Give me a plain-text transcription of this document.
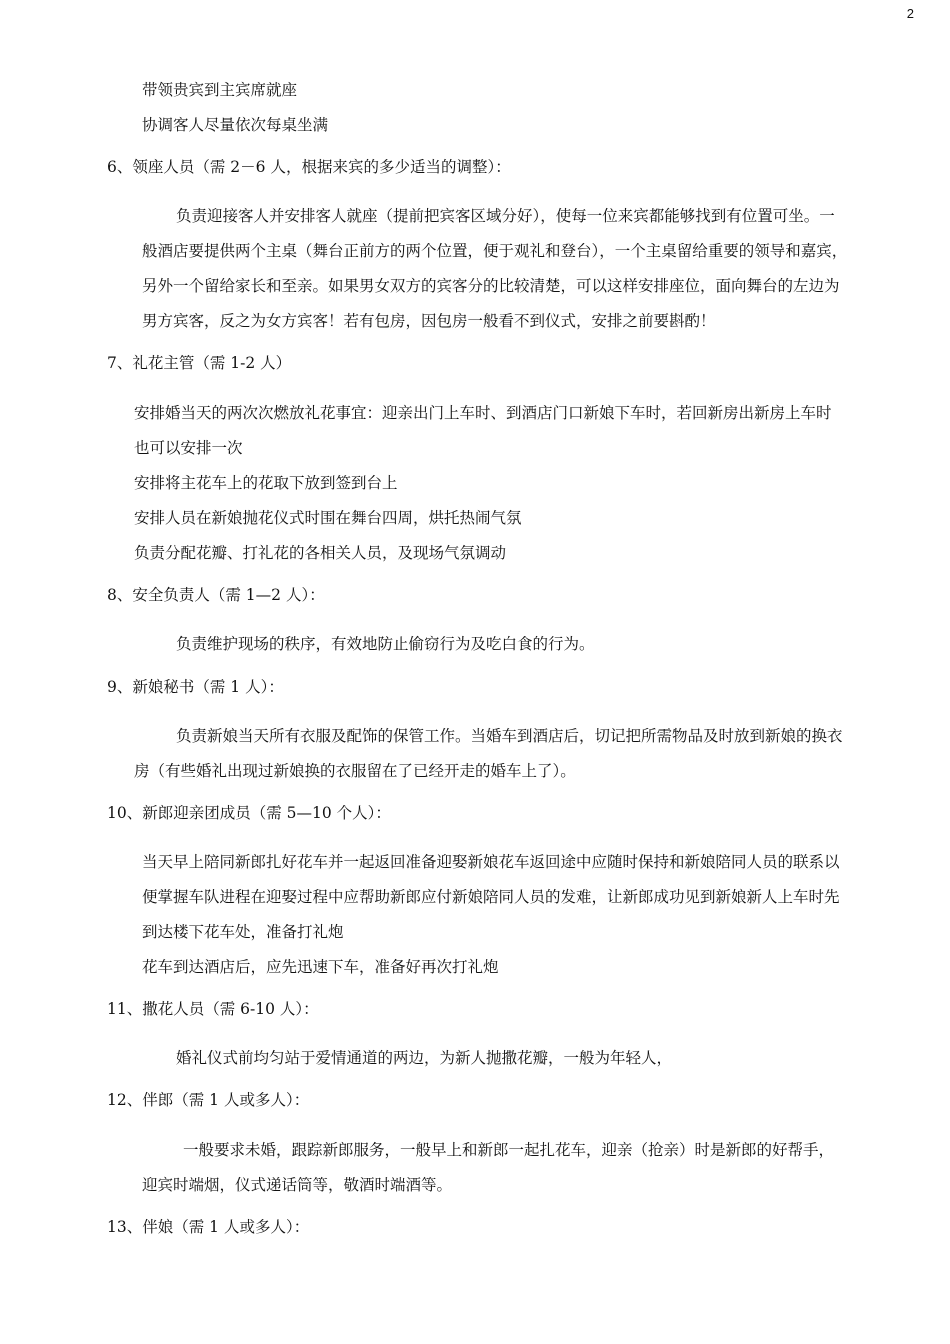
2

带领贵宾到主宾席就座

协调客人尽量依次每桌坐满

6、领座人员（需 2－6 人，根据来宾的多少适当的调整）：

负责迎接客人并安排客人就座（提前把宾客区域分好），使每一位来宾都能够找到有位置可坐。一

般酒店要提供两个主桌（舞台正前方的两个位置，便于观礼和登台），一个主桌留给重要的领导和嘉宾，

另外一个留给家长和至亲。如果男女双方的宾客分的比较清楚，可以这样安排座位，面向舞台的左边为

男方宾客，反之为女方宾客！若有包房，因包房一般看不到仪式，安排之前要斟酌！

7、礼花主管（需 1-2 人）

安排婚当天的两次次燃放礼花事宜：迎亲出门上车时、到酒店门口新娘下车时，若回新房出新房上车时

也可以安排一次

安排将主花车上的花取下放到签到台上

安排人员在新娘抛花仪式时围在舞台四周，烘托热闹气氛

负责分配花瓣、打礼花的各相关人员，及现场气氛调动

8、安全负责人（需 1—2 人）：

负责维护现场的秩序，有效地防止偷窃行为及吃白食的行为。

9、新娘秘书（需 1 人）：

负责新娘当天所有衣服及配饰的保管工作。当婚车到酒店后，切记把所需物品及时放到新娘的换衣

房（有些婚礼出现过新娘换的衣服留在了已经开走的婚车上了）。

10、新郎迎亲团成员（需 5—10 个人）：

当天早上陪同新郎扎好花车并一起返回准备迎娶新娘花车返回途中应随时保持和新娘陪同人员的联系以

便掌握车队进程在迎娶过程中应帮助新郎应付新娘陪同人员的发难，让新郎成功见到新娘新人上车时先

到达楼下花车处，准备打礼炮

花车到达酒店后，应先迅速下车，准备好再次打礼炮

11、撒花人员（需 6-10 人）：

婚礼仪式前均匀站于爱情通道的两边，为新人抛撒花瓣，一般为年轻人，

12、伴郎（需 1 人或多人）：

一般要求未婚，跟踪新郎服务，一般早上和新郎一起扎花车，迎亲（抢亲）时是新郎的好帮手，

迎宾时端烟，仪式递话筒等，敬酒时端酒等。

13、伴娘（需 1 人或多人）：
